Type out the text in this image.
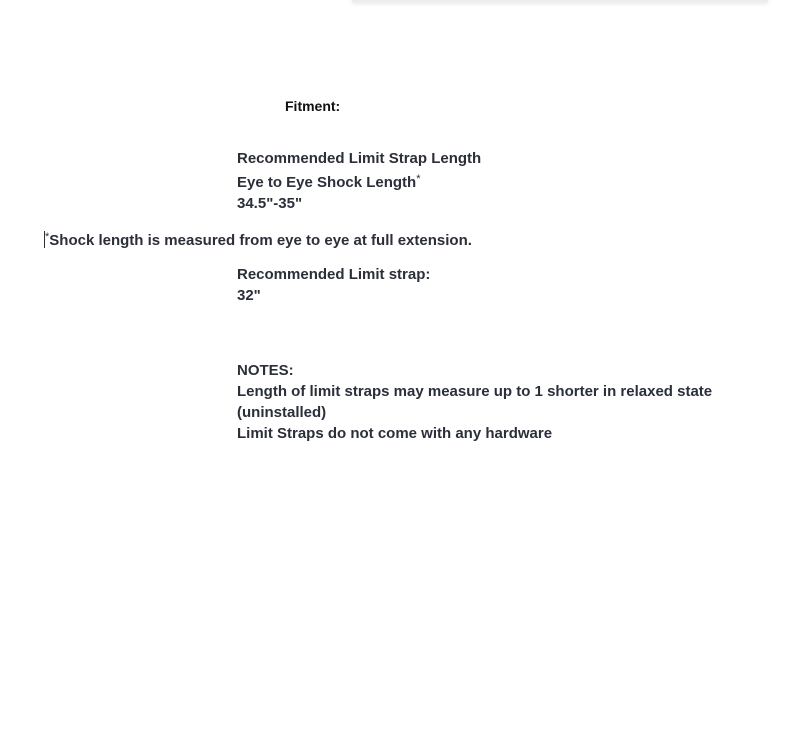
Fitment:
Recommended Limit Strap Length
Eye to Eye Shock Length*
34.5"-35"
*Shock length is measured from eye to eye at full extension.
Recommended Limit strap:
32"
NOTES:
Length of limit straps may measure up to 1 shorter in relaxed state (uninstalled)
Limit Straps do not come with any hardware
